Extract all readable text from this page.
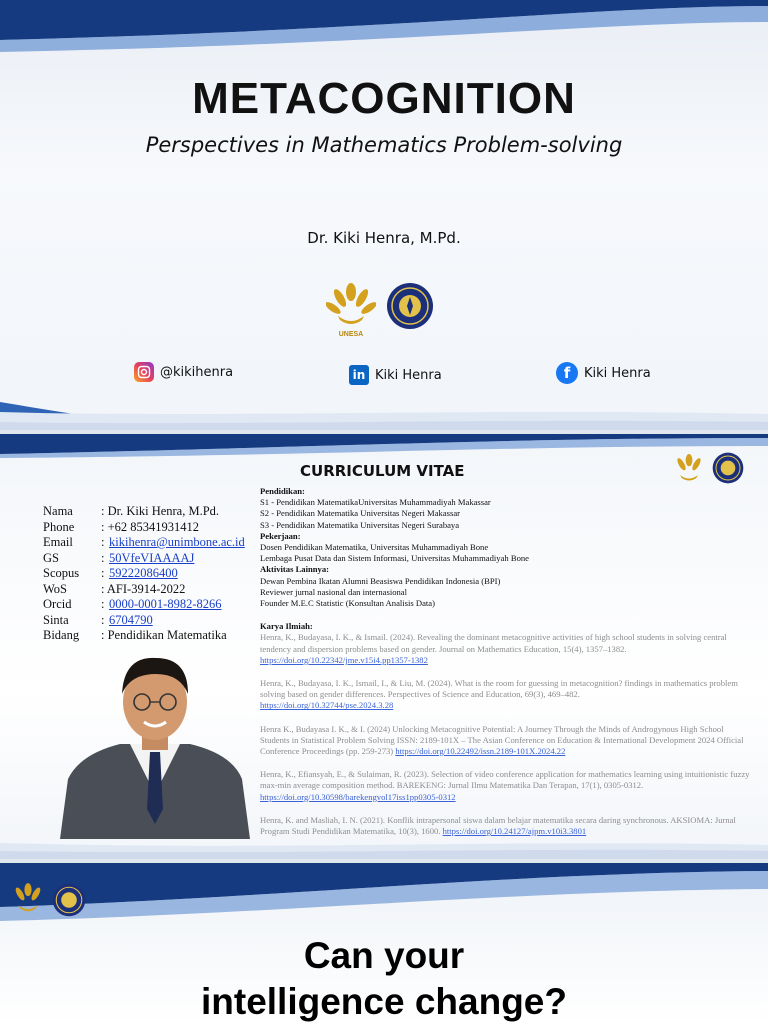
METACOGNITION
Perspectives in Mathematics Problem-solving
Dr. Kiki Henra, M.Pd.
UNESA
@kikihenra	in Kiki Henra	f	Kiki Henra
CURRICULUM VITAE
Nama	: Dr. Kiki Henra, M.Pd.
Phone	: +62 85341931412
Email	: kikihenra@unimbone.ac.id
GS	: 50VfeVIAAAAJ
Scopus	: 59222086400
WoS	: AFI-3914-2022
Orcid	: 0000-0001-8982-8266
Sinta	: 6704790
Bidang	: Pendidikan Matematika
Pendidikan:
S1 - Pendidikan MatematikaUniversitas Muhammadiyah Makassar
S2 - Pendidikan Matematika Universitas Negeri Makassar
S3 - Pendidikan Matematika Universitas Negeri Surabaya
Pekerjaan:
Dosen Pendidikan Matematika, Universitas Muhammadiyah Bone
Lembaga Pusat Data dan Sistem Informasi, Universitas Muhammadiyah Bone
Aktivitas Lainnya:
Dewan Pembina Ikatan Alumni Beasiswa Pendidikan Indonesia (BPI)
Reviewer jurnal nasional dan internasional
Founder M.E.C Statistic (Konsultan Analisis Data)
Karya Ilmiah:
Henra, K., Budayasa, I. K., & Ismail. (2024). Revealing the dominant metacognitive activities of high school students in solving central tendency and dispersion problems based on gender. Journal on Mathematics Education, 15(4), 1357–1382.
https://doi.org/10.22342/jme.v15i4.pp1357-1382
Henra, K., Budayasa, I. K., Ismail, I., & Liu, M. (2024). What is the room for guessing in metacognition? findings in mathematics problem solving based on gender differences. Perspectives of Science and Education, 69(3), 469–482.
https://doi.org/10.32744/pse.2024.3.28
Henra K., Budayasa I. K., & I. (2024) Unlocking Metacognitive Potential: A Journey Through the Minds of Androgynous High School Students in Statistical Problem Solving ISSN: 2189-101X – The Asian Conference on Education & International Development 2024 Official Conference Proceedings (pp. 259-273) https://doi.org/10.22492/issn.2189-101X.2024.22
Henra, K., Efiansyah, E., & Sulaiman, R. (2023). Selection of video conference application for mathematics learning using intuitionistic fuzzy max-min average composition method. BAREKENG: Jurnal Ilmu Matematika Dan Terapan, 17(1), 0305-0312.
https://doi.org/10.30598/barekengvol17iss1pp0305-0312
Henra, K. and Masliah, I. N. (2021). Konflik intrapersonal siswa dalam belajar matematika secara daring synchronous. AKSIOMA: Jurnal Program Studi Pendidikan Matematika, 10(3), 1600. https://doi.org/10.24127/ajpm.v10i3.3801
Can your
intelligence change?
